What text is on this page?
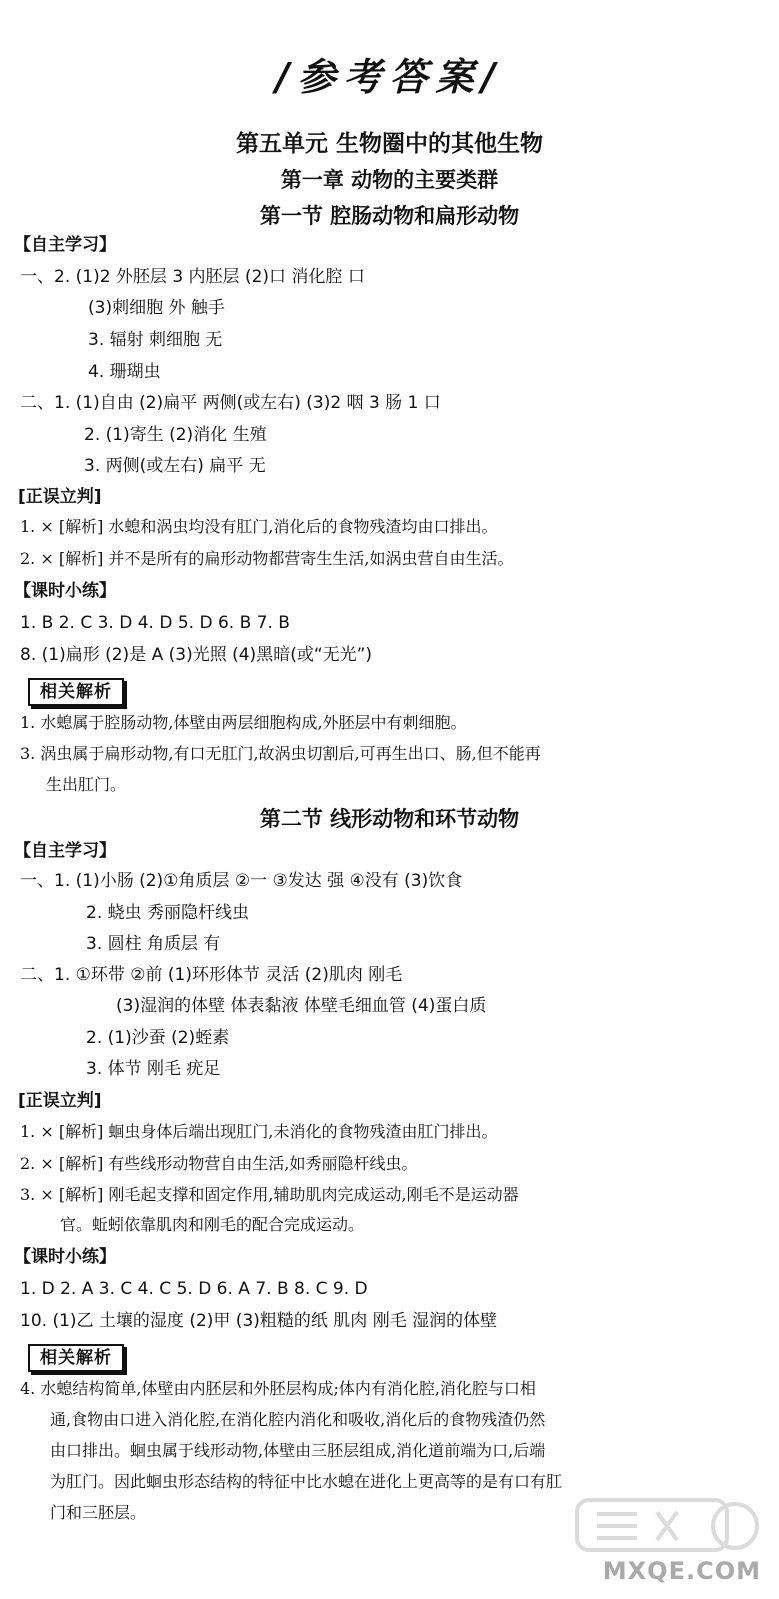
/参考答案/
第五单元 生物圈中的其他生物
第一章 动物的主要类群
第一节 腔肠动物和扁形动物
【自主学习】
一、2. (1)2 外胚层 3 内胚层 (2)口 消化腔 口
(3)刺细胞 外 触手
3. 辐射 刺细胞 无
4. 珊瑚虫
二、1. (1)自由 (2)扁平 两侧(或左右) (3)2 咽 3 肠 1 口
2. (1)寄生 (2)消化 生殖
3. 两侧(或左右) 扁平 无
[正误立判]
1. × [解析] 水螅和涡虫均没有肛门,消化后的食物残渣均由口排出。
2. × [解析] 并不是所有的扁形动物都营寄生生活,如涡虫营自由生活。
【课时小练】
1. B 2. C 3. D 4. D 5. D 6. B 7. B
8. (1)扁形 (2)是 A (3)光照 (4)黑暗(或“无光”)
相关解析
1. 水螅属于腔肠动物,体壁由两层细胞构成,外胚层中有刺细胞。
3. 涡虫属于扁形动物,有口无肛门,故涡虫切割后,可再生出口、肠,但不能再
生出肛门。
第二节 线形动物和环节动物
【自主学习】
一、1. (1)小肠 (2)①角质层 ②一 ③发达 强 ④没有 (3)饮食
2. 蛲虫 秀丽隐杆线虫
3. 圆柱 角质层 有
二、1. ①环带 ②前 (1)环形体节 灵活 (2)肌肉 刚毛
(3)湿润的体壁 体表黏液 体壁毛细血管 (4)蛋白质
2. (1)沙蚕 (2)蛭素
3. 体节 刚毛 疣足
[正误立判]
1. × [解析] 蛔虫身体后端出现肛门,未消化的食物残渣由肛门排出。
2. × [解析] 有些线形动物营自由生活,如秀丽隐杆线虫。
3. × [解析] 刚毛起支撑和固定作用,辅助肌肉完成运动,刚毛不是运动器
官。蚯蚓依靠肌肉和刚毛的配合完成运动。
【课时小练】
1. D 2. A 3. C 4. C 5. D 6. A 7. B 8. C 9. D
10. (1)乙 土壤的湿度 (2)甲 (3)粗糙的纸 肌肉 刚毛 湿润的体壁
相关解析
4. 水螅结构简单,体壁由内胚层和外胚层构成;体内有消化腔,消化腔与口相
通,食物由口进入消化腔,在消化腔内消化和吸收,消化后的食物残渣仍然
由口排出。蛔虫属于线形动物,体壁由三胚层组成,消化道前端为口,后端
为肛门。因此蛔虫形态结构的特征中比水螅在进化上更高等的是有口有肛
门和三胚层。
MXQE.COM
